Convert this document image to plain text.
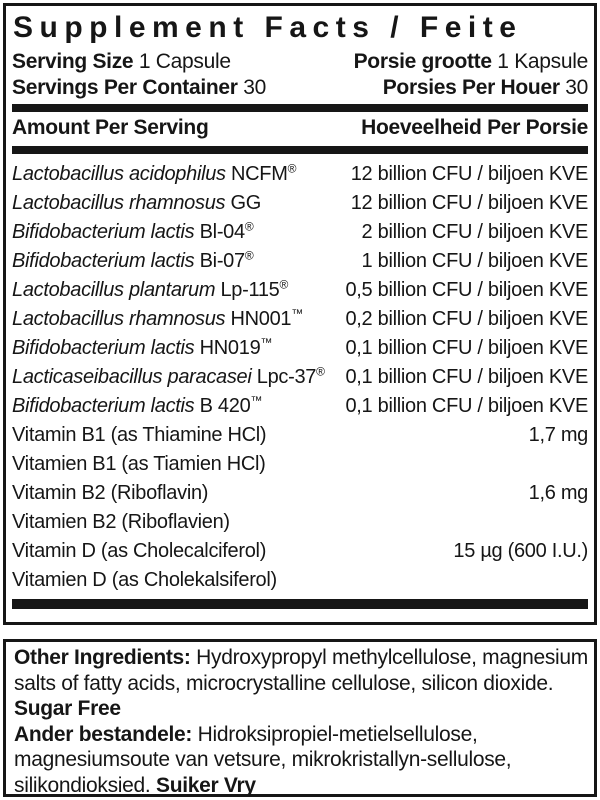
Supplement Facts / Feite
Serving Size 1 Capsule	Porsie grootte 1 Kapsule
Servings Per Container 30	Porsies Per Houer 30
Amount Per Serving	Hoeveelheid Per Porsie
Lactobacillus acidophilus NCFM®	12 billion CFU / biljoen KVE
Lactobacillus rhamnosus GG	12 billion CFU / biljoen KVE
Bifidobacterium lactis Bl-04®	2 billion CFU / biljoen KVE
Bifidobacterium lactis Bi-07®	1 billion CFU / biljoen KVE
Lactobacillus plantarum Lp-115®	0,5 billion CFU / biljoen KVE
Lactobacillus rhamnosus HN001™ 0,2 billion CFU / biljoen KVE
Bifidobacterium lactis HN019™	0,1 billion CFU / biljoen KVE
Lacticaseibacillus paracasei Lpc-37® 0,1 billion CFU / biljoen KVE
Bifidobacterium lactis B 420™	0,1 billion CFU / biljoen KVE
Vitamin B1 (as Thiamine HCl)	1,7 mg
Vitamien B1 (as Tiamien HCl)
Vitamin B2 (Riboflavin)	1,6 mg
Vitamien B2 (Riboflavien)
Vitamin D (as Cholecalciferol)	15 µg (600 I.U.)
Vitamien D (as Cholekalsiferol)
Other Ingredients: Hydroxypropyl methylcellulose, magnesium
salts of fatty acids, microcrystalline cellulose, silicon dioxide.
Sugar Free
Ander bestandele: Hidroksipropiel-metielsellulose,
magnesiumsoute van vetsure, mikrokristallyn-sellulose,
silikondioksied. Suiker Vry
